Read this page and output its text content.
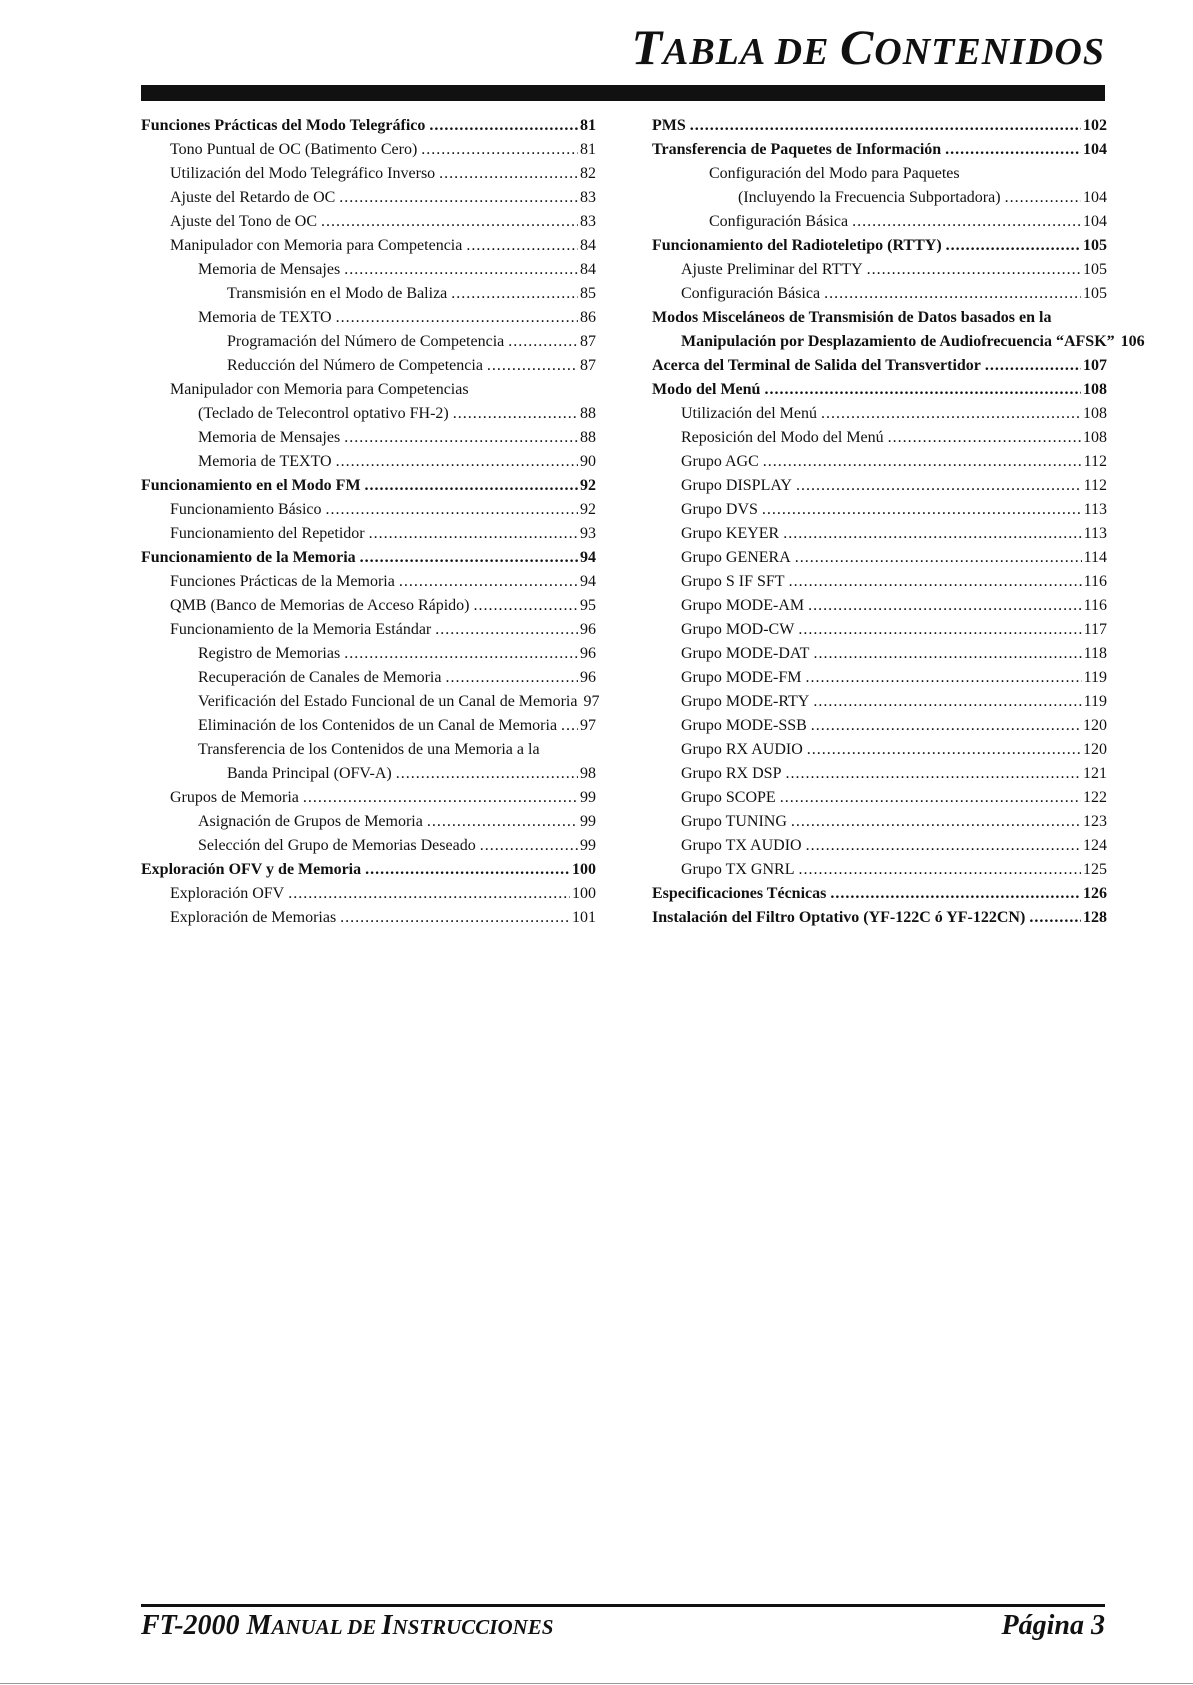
TABLA DE CONTENIDOS
Funciones Prácticas del Modo Telegráfico .....	81
Tono Puntual de OC (Batimento Cero) .....	81
Utilización del Modo Telegráfico Inverso .....	82
Ajuste del Retardo de OC .....	83
Ajuste del Tono de OC .....	83
Manipulador con Memoria para Competencia .....	84
Memoria de Mensajes .....	84
Transmisión en el Modo de Baliza .....	85
Memoria de TEXTO .....	86
Programación del Número de Competencia .....	87
Reducción del Número de Competencia .....	87
Manipulador con Memoria para Competencias
(Teclado de Telecontrol optativo FH-2) .....	88
Memoria de Mensajes .....	88
Memoria de TEXTO .....	90
Funcionamiento en el Modo FM .....	92
Funcionamiento Básico .....	92
Funcionamiento del Repetidor .....	93
Funcionamiento de la Memoria .....	94
Funciones Prácticas de la Memoria .....	94
QMB (Banco de Memorias de Acceso Rápido) .....	95
Funcionamiento de la Memoria Estándar .....	96
Registro de Memorias .....	96
Recuperación de Canales de Memoria .....	96
Verificación del Estado Funcional de un Canal de Memoria 97
Eliminación de los Contenidos de un Canal de Memoria ..... 97
Transferencia de los Contenidos de una Memoria a la
Banda Principal (OFV-A) .....	98
Grupos de Memoria .....	99
Asignación de Grupos de Memoria .....	99
Selección del Grupo de Memorias Deseado .....	99
Exploración OFV y de Memoria .....	100
Exploración OFV .....	100
Exploración de Memorias .....	101
PMS .....	102
Transferencia de Paquetes de Información .....	104
Configuración del Modo para Paquetes
(Incluyendo la Frecuencia Subportadora) .....	104
Configuración Básica .....	104
Funcionamiento del Radioteletipo (RTTY) .....	105
Ajuste Preliminar del RTTY .....	105
Configuración Básica .....	105
Modos Misceláneos de Transmisión de Datos basados en la
Manipulación por Desplazamiento de Audiofrecuencia “AFSK” 106
Acerca del Terminal de Salida del Transvertidor .....	107
Modo del Menú .....	108
Utilización del Menú .....	108
Reposición del Modo del Menú .....	108
Grupo AGC .....	112
Grupo DISPLAY .....	112
Grupo DVS .....	113
Grupo KEYER .....	113
Grupo GENERA .....	114
Grupo S IF SFT .....	116
Grupo MODE-AM .....	116
Grupo MOD-CW .....	117
Grupo MODE-DAT .....	118
Grupo MODE-FM .....	119
Grupo MODE-RTY .....	119
Grupo MODE-SSB .....	120
Grupo RX AUDIO .....	120
Grupo RX DSP .....	121
Grupo SCOPE .....	122
Grupo TUNING .....	123
Grupo TX AUDIO .....	124
Grupo TX GNRL .....	125
Especificaciones Técnicas .....	126
Instalación del Filtro Optativo (YF-122C ó YF-122CN) .....	128
FT-2000 MANUAL DE INSTRUCCIONES	Página 3
